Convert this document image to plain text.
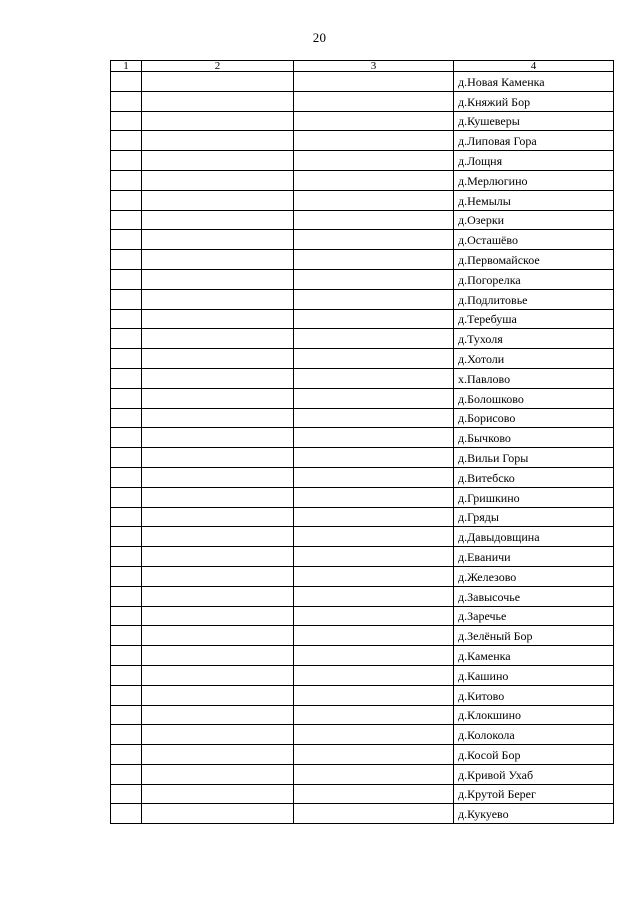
20
1	2	3	4
			д.Новая Каменка
			д.Княжий Бор
			д.Кушеверы
			д.Липовая Гора
			д.Лощня
			д.Мерлюгино
			д.Немылы
			д.Озерки
			д.Осташёво
			д.Первомайское
			д.Погорелка
			д.Подлитовье
			д.Теребуша
			д.Тухоля
			д.Хотоли
			х.Павлово
			д.Болошково
			д.Борисово
			д.Бычково
			д.Вильи Горы
			д.Витебско
			д.Гришкино
			д.Гряды
			д.Давыдовщина
			д.Еваничи
			д.Железово
			д.Завысочье
			д.Заречье
			д.Зелёный Бор
			д.Каменка
			д.Кашино
			д.Китово
			д.Клокшино
			д.Колокола
			д.Косой Бор
			д.Кривой Ухаб
			д.Крутой Берег
			д.Кукуево
